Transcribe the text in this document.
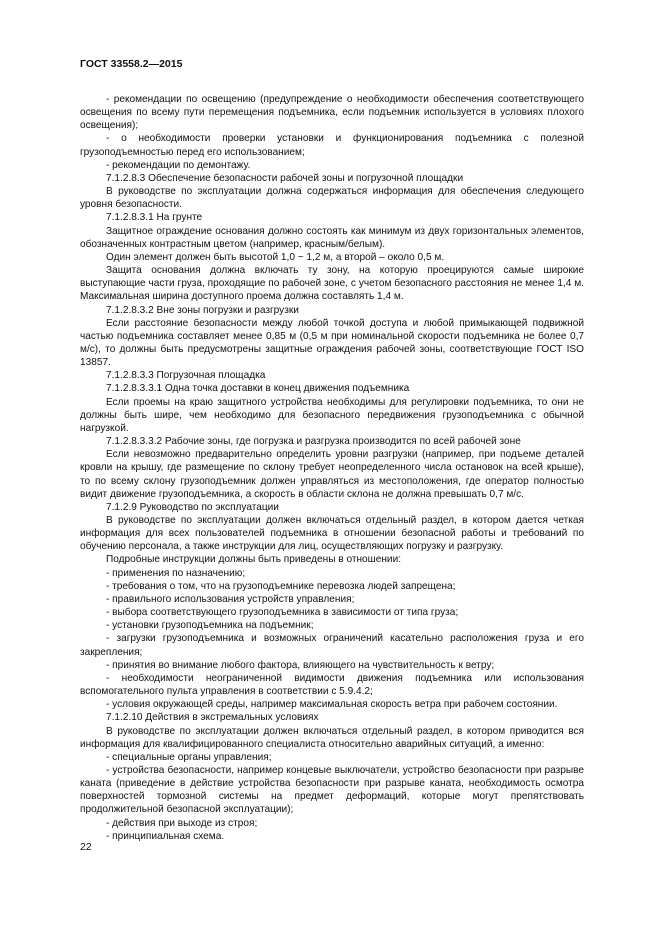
ГОСТ 33558.2—2015

- рекомендации по освещению (предупреждение о необходимости обеспечения соответствующего освещения по всему пути перемещения подъемника, если подъемник используется в условиях плохого освещения);

- о необходимости проверки установки и функционирования подъемника с полезной грузоподъемностью перед его использованием;

- рекомендации по демонтажу.

7.1.2.8.3 Обеспечение безопасности рабочей зоны и погрузочной площадки

В руководстве по эксплуатации должна содержаться информация для обеспечения следующего уровня безопасности.

7.1.2.8.3.1 На грунте

Защитное ограждение основания должно состоять как минимум из двух горизонтальных элементов, обозначенных контрастным цветом (например, красным/белым).

Один элемент должен быть высотой 1,0 ~ 1,2 м, а второй – около 0,5 м.

Защита основания должна включать ту зону, на которую проецируются самые широкие выступающие части груза, проходящие по рабочей зоне, с учетом безопасного расстояния не менее 1,4 м. Максимальная ширина доступного проема должна составлять 1,4 м.

7.1.2.8.3.2 Вне зоны погрузки и разгрузки

Если расстояние безопасности между любой точкой доступа и любой примыкающей подвижной частью подъемника составляет менее 0,85 м (0,5 м при номинальной скорости подъемника не более 0,7 м/с), то должны быть предусмотрены защитные ограждения рабочей зоны, соответствующие ГОСТ ISO 13857.

7.1.2.8.3.3 Погрузочная площадка

7.1.2.8.3.3.1 Одна точка доставки в конец движения подъемника

Если проемы на краю защитного устройства необходимы для регулировки подъемника, то они не должны быть шире, чем необходимо для безопасного передвижения грузоподъемника с обычной нагрузкой.

7.1.2.8.3.3.2 Рабочие зоны, где погрузка и разгрузка производится по всей рабочей зоне

Если невозможно предварительно определить уровни разгрузки (например, при подъеме деталей кровли на крышу, где размещение по склону требует неопределенного числа остановок на всей крыше), то по всему склону грузоподъемник должен управляться из местоположения, где оператор полностью видит движение грузоподъемника, а скорость в области склона не должна превышать 0,7 м/с.

7.1.2.9 Руководство по эксплуатации

В руководстве по эксплуатации должен включаться отдельный раздел, в котором дается четкая информация для всех пользователей подъемника в отношении безопасной работы и требований по обучению персонала, а также инструкции для лиц, осуществляющих погрузку и разгрузку.

Подробные инструкции должны быть приведены в отношении:

- применения по назначению;

- требования о том, что на грузоподъемнике перевозка людей запрещена;

- правильного использования устройств управления;

- выбора соответствующего грузоподъемника в зависимости от типа груза;

- установки грузоподъемника на подъемник;

- загрузки грузоподъемника и возможных ограничений касательно расположения груза и его закрепления;

- принятия во внимание любого фактора, влияющего на чувствительность к ветру;

- необходимости неограниченной видимости движения подъемника или использования вспомогательного пульта управления в соответствии с 5.9.4.2;

- условия окружающей среды, например максимальная скорость ветра при рабочем состоянии.

7.1.2.10 Действия в экстремальных условиях

В руководстве по эксплуатации должен включаться отдельный раздел, в котором приводится вся информация для квалифицированного специалиста относительно аварийных ситуаций, а именно:

- специальные органы управления;

- устройства безопасности, например концевые выключатели, устройство безопасности при разрыве каната (приведение в действие устройства безопасности при разрыве каната, необходимость осмотра поверхностей тормозной системы на предмет деформаций, которые могут препятствовать продолжительной безопасной эксплуатации);

- действия при выходе из строя;

- принципиальная схема.

22
